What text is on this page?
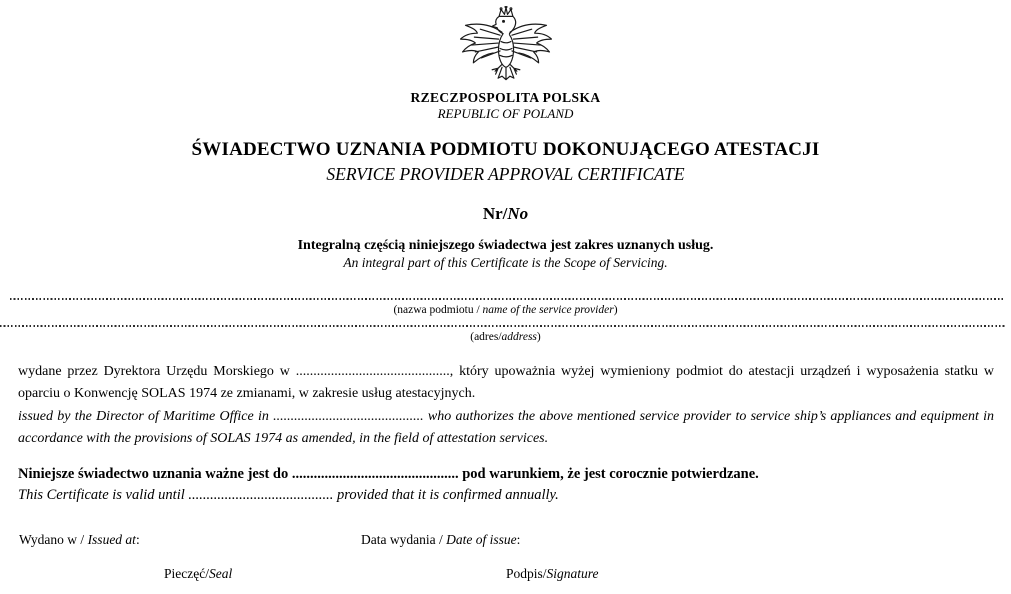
RZECZPOSPOLITA POLSKA
REPUBLIC OF POLAND
ŚWIADECTWO UZNANIA PODMIOTU DOKONUJĄCEGO ATESTACJI
SERVICE PROVIDER APPROVAL CERTIFICATE
Nr/No
Integralną częścią niniejszego świadectwa jest zakres uznanych usług.
An integral part of this Certificate is the Scope of Servicing.
(nazwa podmiotu / name of the service provider)
(adres/address)
wydane przez Dyrektora Urzędu Morskiego w ............................................, który upoważnia wyżej wymieniony podmiot do atestacji urządzeń i wyposażenia statku w oparciu o Konwencję SOLAS 1974 ze zmianami, w zakresie usług atestacyjnych.
issued by the Director of Maritime Office in ........................................... who authorizes the above mentioned service provider to service ship’s appliances and equipment in accordance with the provisions of SOLAS 1974 as amended, in the field of attestation services.
Niniejsze świadectwo uznania ważne jest do .............................................. pod warunkiem, że jest corocznie potwierdzane.
This Certificate is valid until ........................................ provided that it is confirmed annually.
Wydano w / Issued at:	Data wydania / Date of issue:
Pieczęć/Seal	Podpis/Signature
